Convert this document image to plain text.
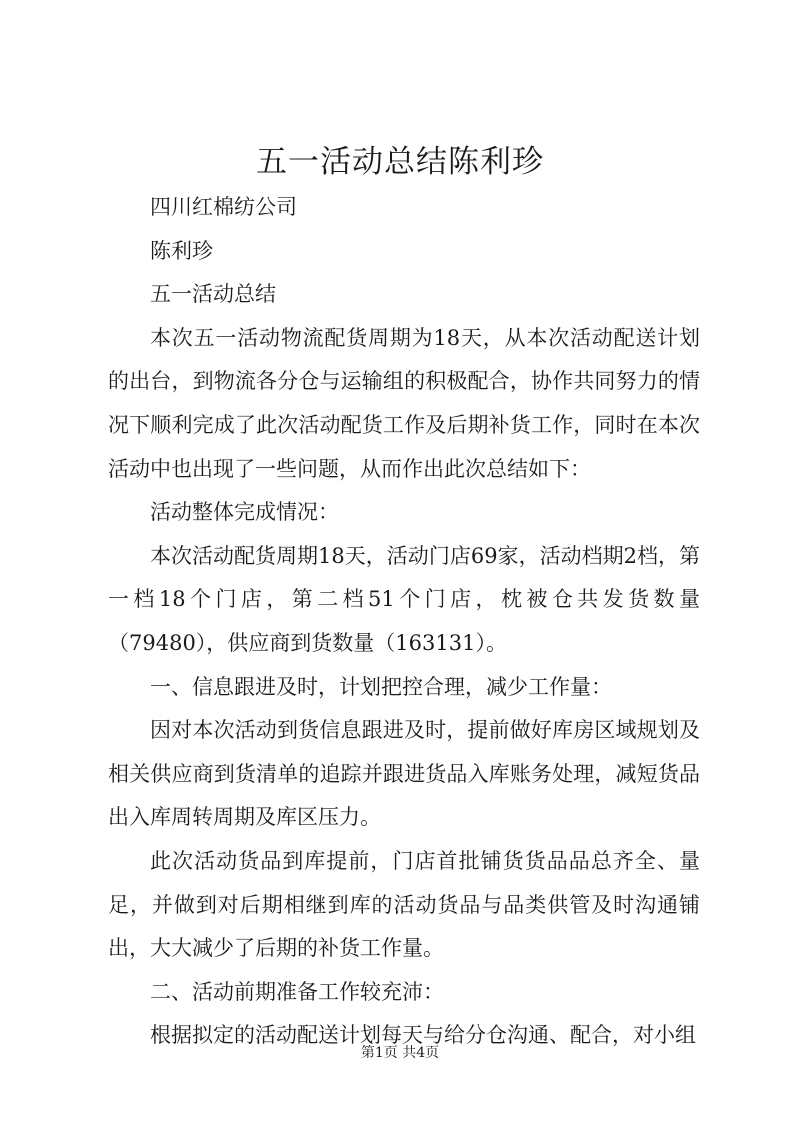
五一活动总结陈利珍

四川红棉纺公司

陈利珍

五一活动总结

本次五一活动物流配货周期为18天，从本次活动配送计划的出台，到物流各分仓与运输组的积极配合，协作共同努力的情况下顺利完成了此次活动配货工作及后期补货工作，同时在本次活动中也出现了一些问题，从而作出此次总结如下：

活动整体完成情况：

本次活动配货周期18天，活动门店69家，活动档期2档，第一档18个门店，第二档51个门店，枕被仓共发货数量（79480），供应商到货数量（163131）。

一、信息跟进及时，计划把控合理，减少工作量：

因对本次活动到货信息跟进及时，提前做好库房区域规划及相关供应商到货清单的追踪并跟进货品入库账务处理，减短货品出入库周转周期及库区压力。

此次活动货品到库提前，门店首批铺货货品品总齐全、量足，并做到对后期相继到库的活动货品与品类供管及时沟通铺出，大大减少了后期的补货工作量。

二、活动前期准备工作较充沛：

根据拟定的活动配送计划每天与给分仓沟通、配合，对小组

第1页 共4页
